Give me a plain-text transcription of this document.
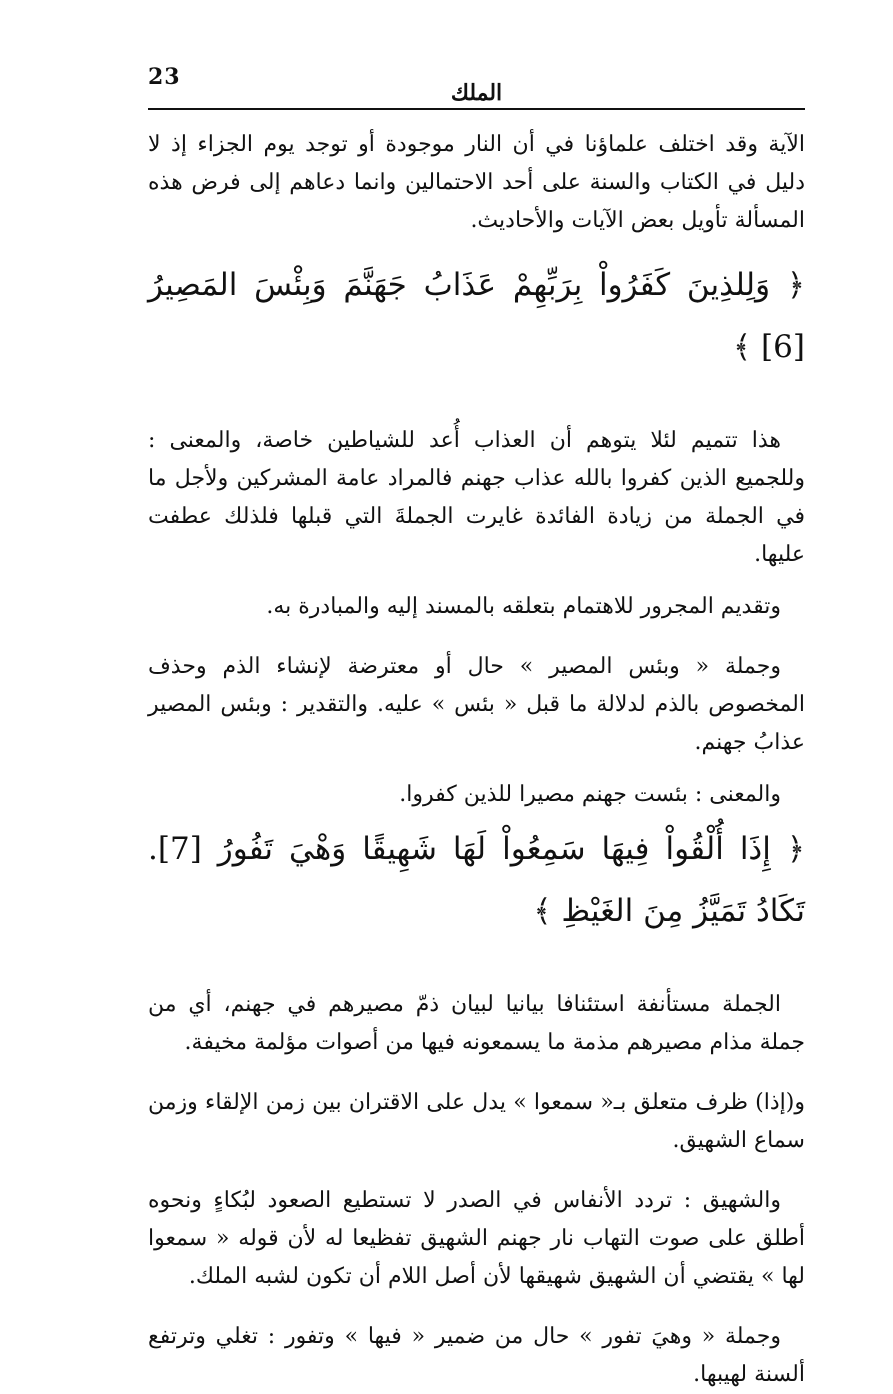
23
الملك

الآية وقد اختلف علماؤنا في أن النار موجودة أو توجد يوم الجزاء إذ لا دليل في الكتاب والسنة على أحد الاحتمالين وانما دعاهم إلى فرض هذه المسألة تأويل بعض الآيات والأحاديث.

﴿ وَلِلذِينَ كَفَرُواْ بِرَبِّهِمْ عَذَابُ جَهَنَّمَ وَبِئْسَ المَصِيرُ [6] ﴾

هذا تتميم لئلا يتوهم أن العذاب أُعد للشياطين خاصة، والمعنى : وللجميع الذين كفروا بالله عذاب جهنم فالمراد عامة المشركين ولأجل ما في الجملة من زيادة الفائدة غايرت الجملةَ التي قبلها فلذلك عطفت عليها.

وتقديم المجرور للاهتمام بتعلقه بالمسند إليه والمبادرة به.

وجملة « وبئس المصير » حال أو معترضة لإنشاء الذم وحذف المخصوص بالذم لدلالة ما قبل « بئس » عليه. والتقدير : وبئس المصير عذابُ جهنم.

والمعنى : بئست جهنم مصيرا للذين كفروا.

﴿ إِذَا أُلْقُواْ فِيهَا سَمِعُواْ لَهَا شَهِيقًا وَهْيَ تَفُورُ [7]. تَكَادُ تَمَيَّزُ مِنَ الغَيْظِ ﴾

الجملة مستأنفة استئنافا بيانيا لبيان ذمّ مصيرهم في جهنم، أي من جملة مذام مصيرهم مذمة ما يسمعونه فيها من أصوات مؤلمة مخيفة.

و(إذا) ظرف متعلق بـ« سمعوا » يدل على الاقتران بين زمن الإلقاء وزمن سماع الشهيق.

والشهيق : تردد الأنفاس في الصدر لا تستطيع الصعود لبُكاءٍ ونحوه أطلق على صوت التهاب نار جهنم الشهيق تفظيعا له لأن قوله « سمعوا لها » يقتضي أن الشهيق شهيقها لأن أصل اللام أن تكون لشبه الملك.

وجملة « وهيَ تفور » حال من ضمير « فيها » وتفور : تغلي وترتفع ألسنة لهيبها.
